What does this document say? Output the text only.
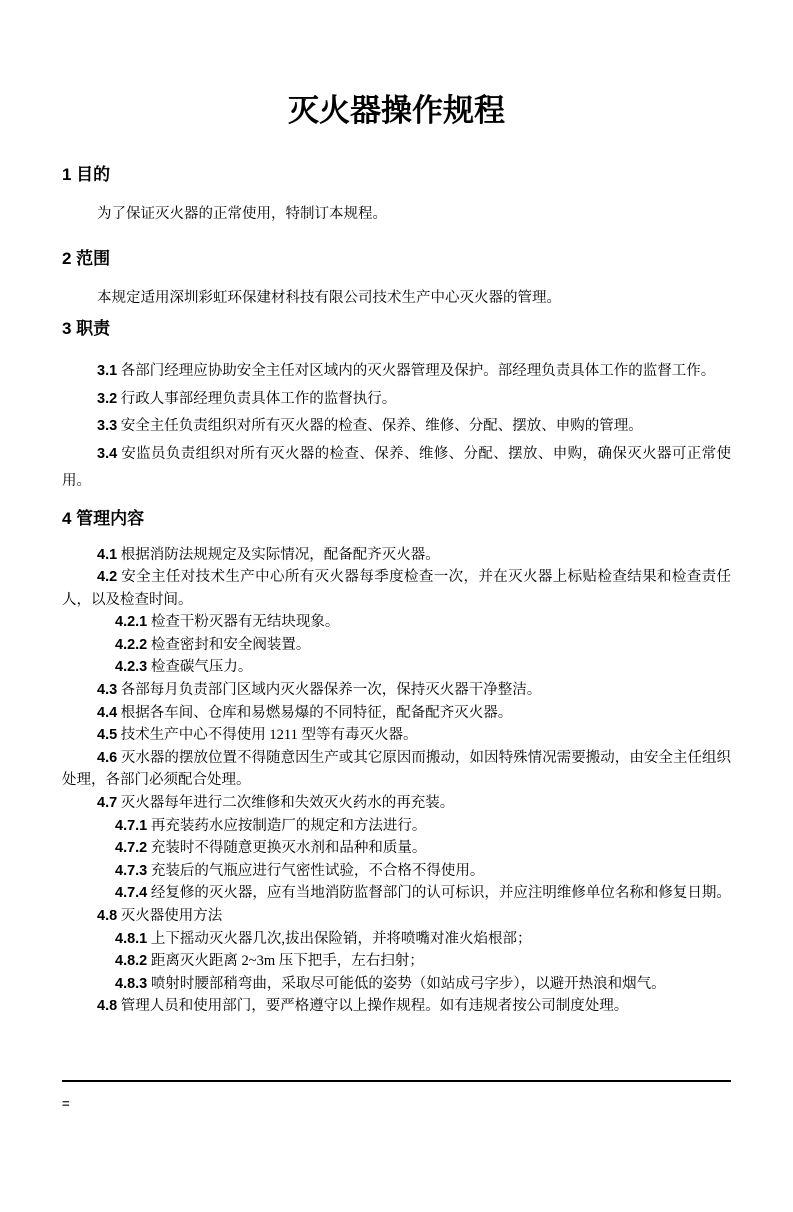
灭火器操作规程
1 目的

为了保证灭火器的正常使用，特制订本规程。

2 范围

本规定适用深圳彩虹环保建材科技有限公司技术生产中心灭火器的管理。

3 职责

3.1 各部门经理应协助安全主任对区域内的灭火器管理及保护。部经理负责具体工作的监督工作。

3.2 行政人事部经理负责具体工作的监督执行。

3.3 安全主任负责组织对所有灭火器的检查、保养、维修、分配、摆放、申购的管理。

3.4 安监员负责组织对所有灭火器的检查、保养、维修、分配、摆放、申购，确保灭火器可正常使用。

4 管理内容

4.1 根据消防法规规定及实际情况，配备配齐灭火器。

4.2 安全主任对技术生产中心所有灭火器每季度检查一次，并在灭火器上标贴检查结果和检查责任人，以及检查时间。

4.2.1 检查干粉灭器有无结块现象。

4.2.2 检查密封和安全阀装置。

4.2.3 检查碳气压力。

4.3 各部每月负责部门区域内灭火器保养一次，保持灭火器干净整洁。

4.4 根据各车间、仓库和易燃易爆的不同特征，配备配齐灭火器。

4.5 技术生产中心不得使用 1211 型等有毒灭火器。

4.6 灭水器的摆放位置不得随意因生产或其它原因而搬动，如因特殊情况需要搬动，由安全主任组织处理，各部门必须配合处理。

4.7 灭火器每年进行二次维修和失效灭火药水的再充装。

4.7.1 再充装药水应按制造厂的规定和方法进行。

4.7.2 充装时不得随意更换灭水剂和品种和质量。

4.7.3 充装后的气瓶应进行气密性试验，不合格不得使用。

4.7.4 经复修的灭火器，应有当地消防监督部门的认可标识，并应注明维修单位名称和修复日期。

4.8 灭火器使用方法

4.8.1 上下摇动灭火器几次,拔出保险销，并将喷嘴对准火焰根部；

4.8.2 距离灭火距离 2~3m 压下把手，左右扫射；

4.8.3 喷射时腰部稍弯曲，采取尽可能低的姿势（如站成弓字步），以避开热浪和烟气。

4.8 管理人员和使用部门，要严格遵守以上操作规程。如有违规者按公司制度处理。

=
